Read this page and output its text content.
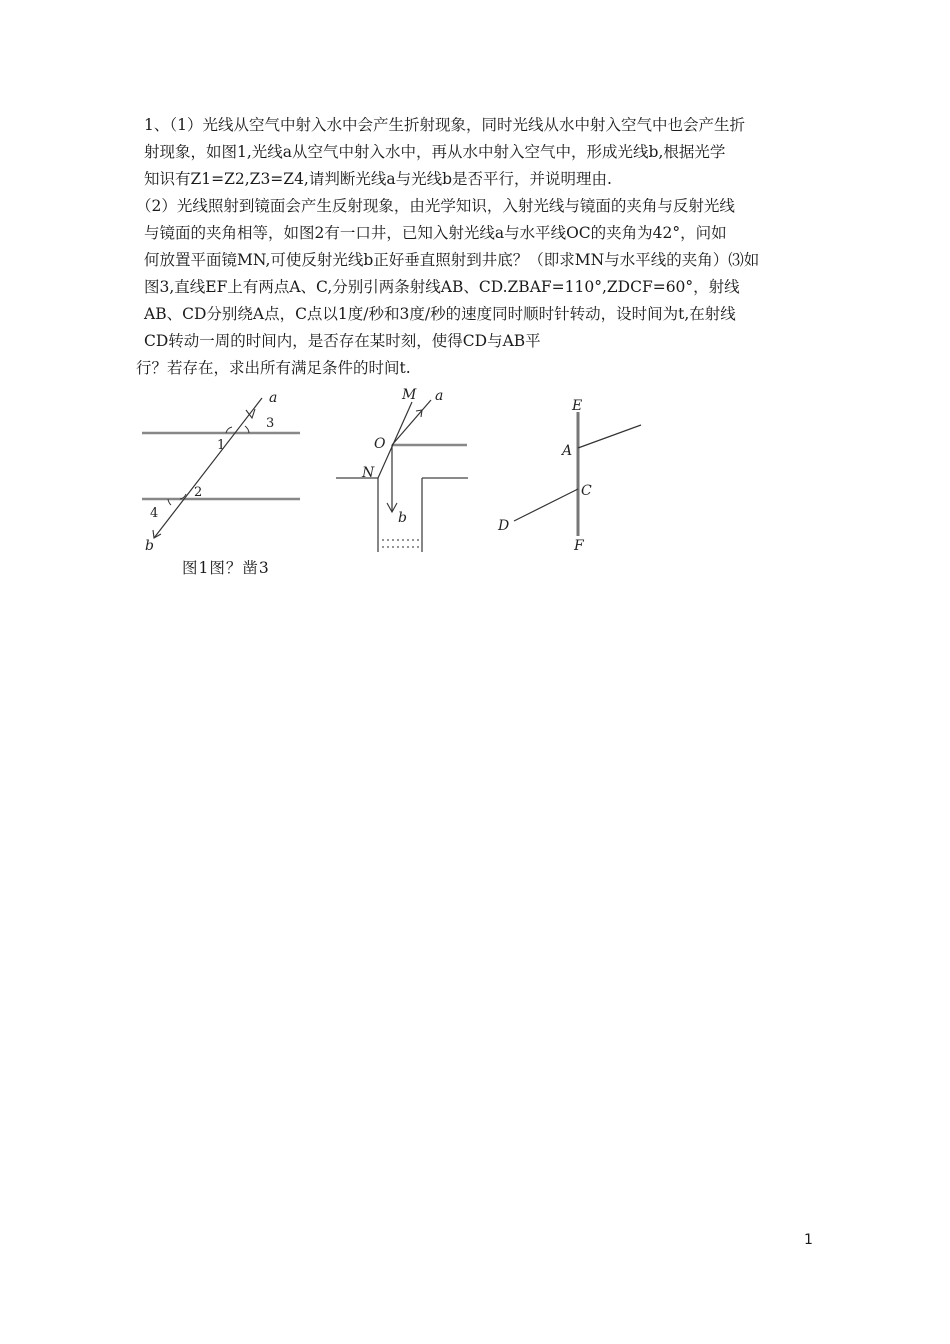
1、（1）光线从空气中射入水中会产生折射现象，同时光线从水中射入空气中也会产生折
射现象，如图1,光线a从空气中射入水中，再从水中射入空气中，形成光线b,根据光学
知识有Z1=Z2,Z3=Z4,请判断光线a与光线b是否平行，并说明理由.
（2）光线照射到镜面会产生反射现象，由光学知识，入射光线与镜面的夹角与反射光线
与镜面的夹角相等，如图2有一口井，已知入射光线a与水平线OC的夹角为42°，问如
何放置平面镜MN,可使反射光线b正好垂直照射到井底？（即求MN与水平线的夹角）⑶如
图3,直线EF上有两点A、C,分别引两条射线AB、CD.ZBAF=110°,ZDCF=60°，射线
AB、CD分别绕A点，C点以1度/秒和3度/秒的速度同时顺时针转动，设时间为t,在射线
CD转动一周的时间内，是否存在某时刻，使得CD与AB平
行？若存在，求出所有满足条件的时间t.
a
b
1
2
3
4
M a
O
N
b
E
A
C
D
F
图1图？凿3
1
